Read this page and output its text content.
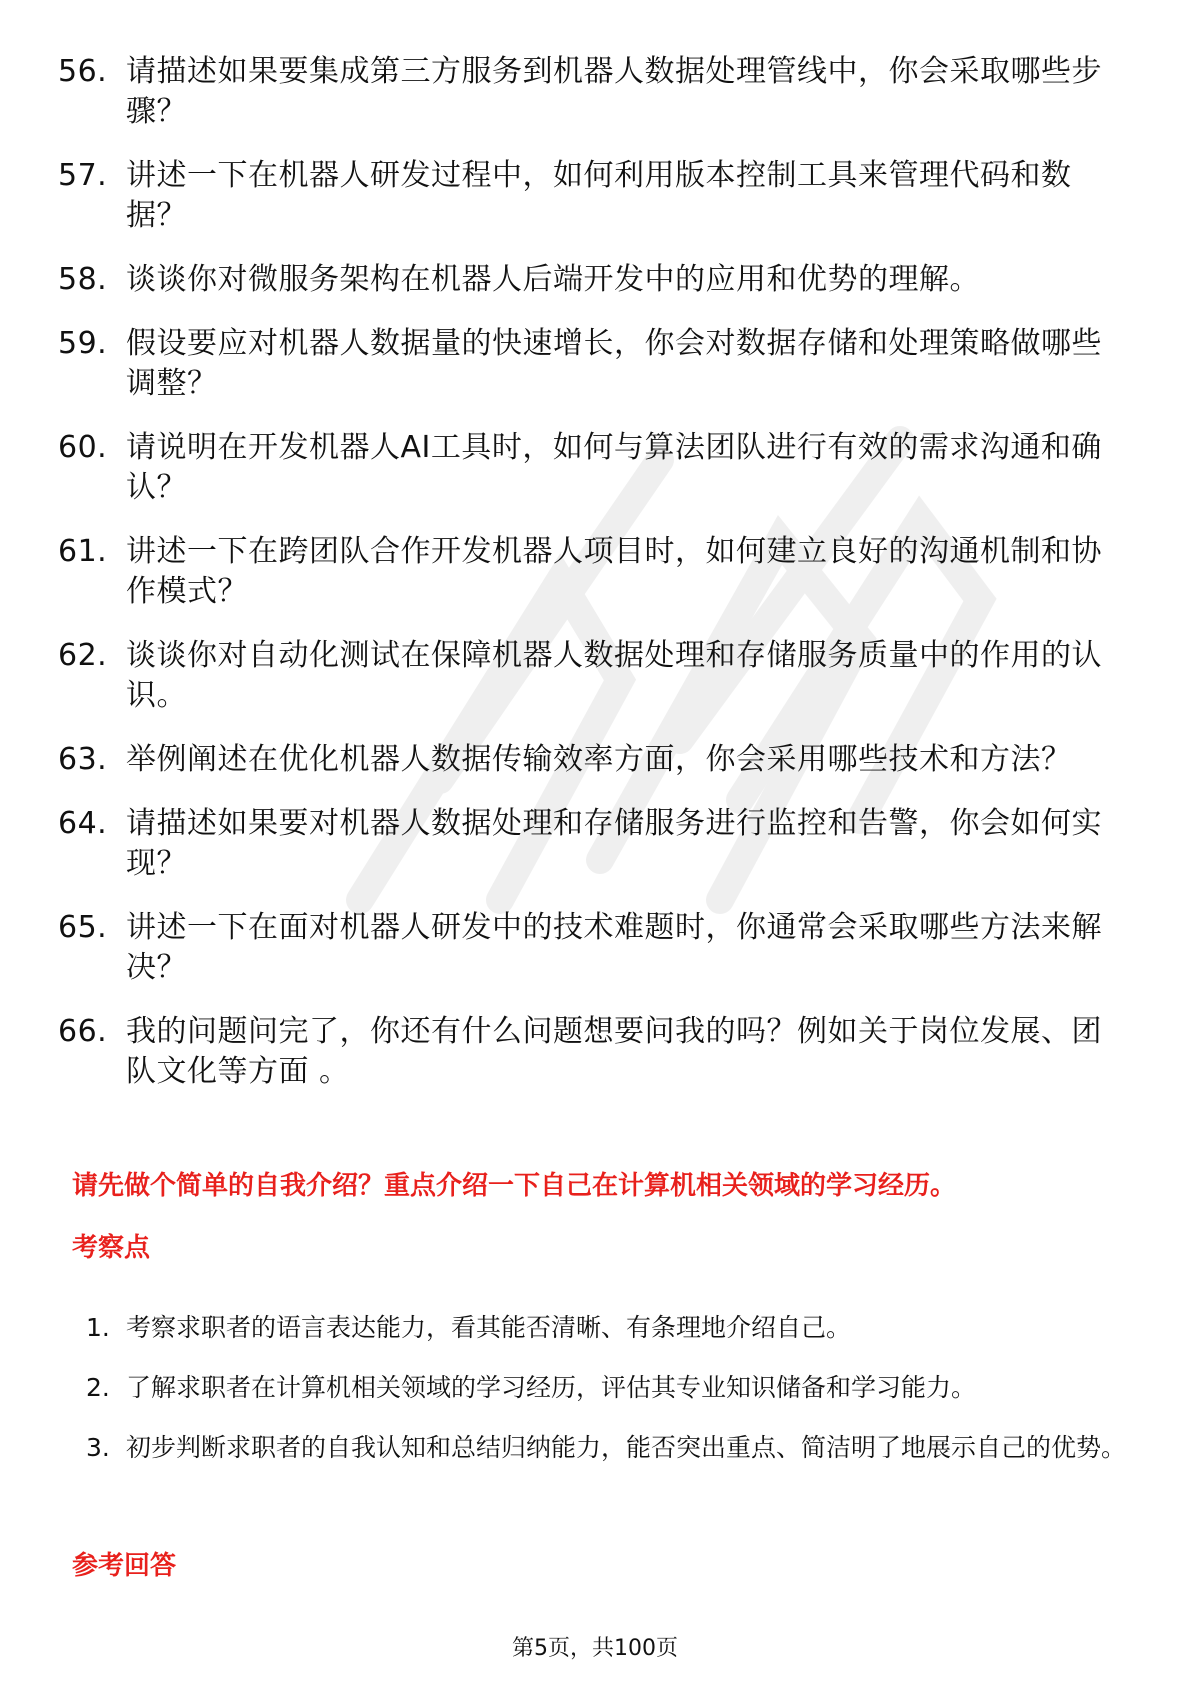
56. 请描述如果要集成第三方服务到机器人数据处理管线中，你会采取哪些步骤？
57. 讲述一下在机器人研发过程中，如何利用版本控制工具来管理代码和数据？
58. 谈谈你对微服务架构在机器人后端开发中的应用和优势的理解。
59. 假设要应对机器人数据量的快速增长，你会对数据存储和处理策略做哪些调整？
60. 请说明在开发机器人AI工具时，如何与算法团队进行有效的需求沟通和确认？
61. 讲述一下在跨团队合作开发机器人项目时，如何建立良好的沟通机制和协作模式？
62. 谈谈你对自动化测试在保障机器人数据处理和存储服务质量中的作用的认识。
63. 举例阐述在优化机器人数据传输效率方面，你会采用哪些技术和方法？
64. 请描述如果要对机器人数据处理和存储服务进行监控和告警，你会如何实现？
65. 讲述一下在面对机器人研发中的技术难题时，你通常会采取哪些方法来解决？
66. 我的问题问完了，你还有什么问题想要问我的吗？例如关于岗位发展、团队文化等方面 。
请先做个简单的自我介绍？重点介绍一下自己在计算机相关领域的学习经历。
考察点
1. 考察求职者的语言表达能力，看其能否清晰、有条理地介绍自己。
2. 了解求职者在计算机相关领域的学习经历，评估其专业知识储备和学习能力。
3. 初步判断求职者的自我认知和总结归纳能力，能否突出重点、简洁明了地展示自己的优势。
参考回答
第5页，共100页
